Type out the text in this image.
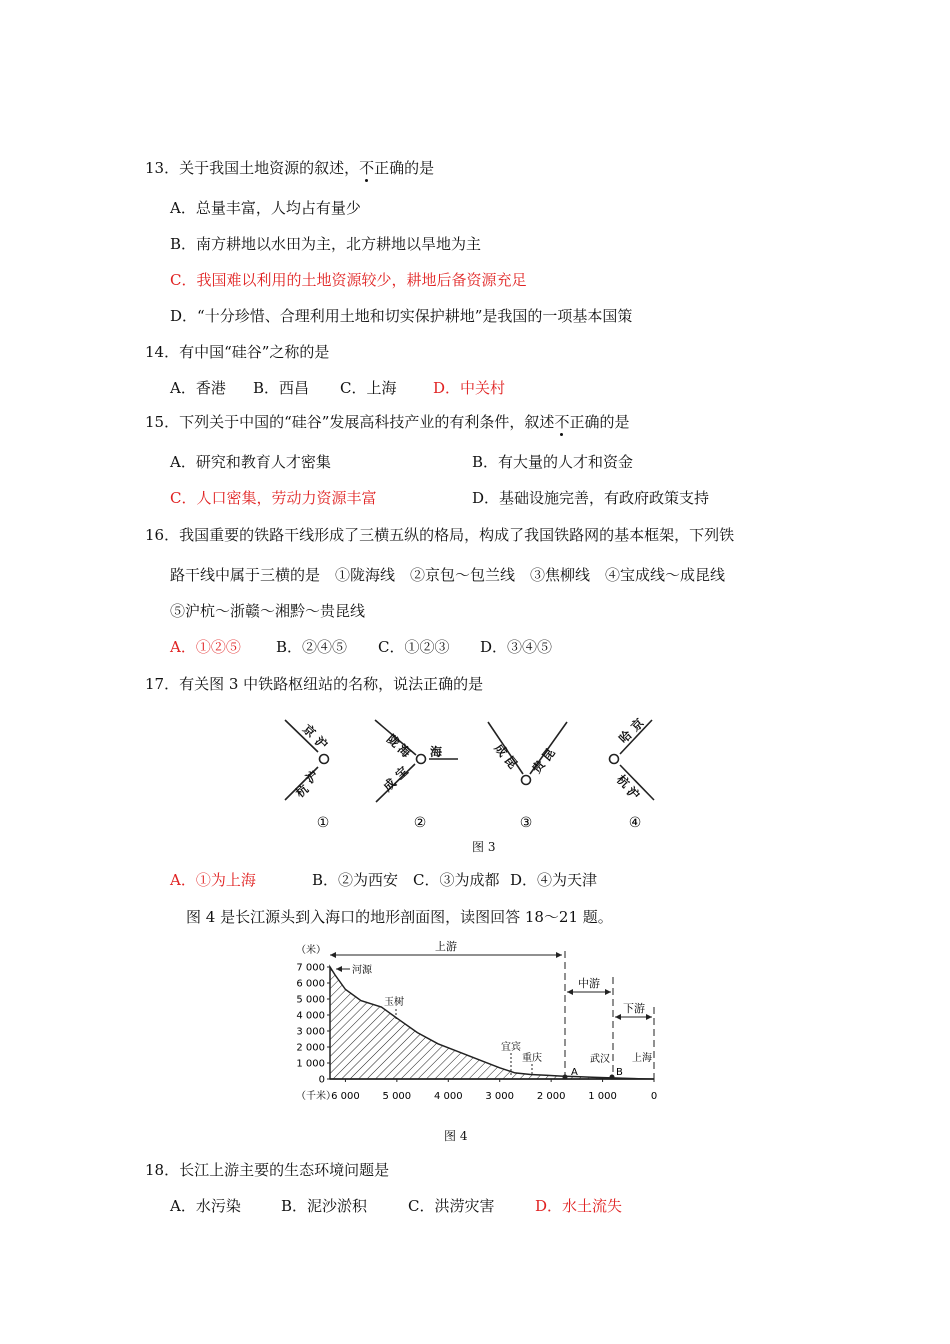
13．关于我国土地资源的叙述，不正确的是
A．总量丰富，人均占有量少
B．南方耕地以水田为主，北方耕地以旱地为主
C．我国难以利用的土地资源较少，耕地后备资源充足
D．“十分珍惜、合理利用土地和切实保护耕地”是我国的一项基本国策
14．有中国“硅谷”之称的是
A．香港 B．西昌 C．上海 D．中关村
15．下列关于中国的“硅谷”发展高科技产业的有利条件，叙述不正确的是
A．研究和教育人才密集	B．有大量的人才和资金
C．人口密集，劳动力资源丰富	D．基础设施完善，有政府政策支持
16．我国重要的铁路干线形成了三横五纵的格局，构成了我国铁路网的基本框架，下列铁
路干线中属于三横的是　①陇海线　②京包～包兰线　③焦柳线　④宝成线～成昆线
⑤沪杭～浙赣～湘黔～贵昆线
A．①②⑤ B．②④⑤ C．①②③ D．③④⑤
17．有关图 3 中铁路枢纽站的名称，说法正确的是
京
沪
沪
杭
①
陇
海 海
宝
成
②
成
昆 贵
昆
③
京
哈
杭
沪
④
图 3
A．①为上海	B．②为西安 C．③为成都 D．④为天津
图 4 是长江源头到入海口的地形剖面图，读图回答 18～21 题。
（米）
（千米）
7 000
6 000
5 000
4 000
3 000
2 000
1 000
0
6 000 5 000 4 000 3 000 2 000 1 000	0
上游
中游
下游
河源
玉树
宜宾
重庆
A
武汉
B
上海
图 4
18．长江上游主要的生态环境问题是
A．水污染	B．泥沙淤积	C．洪涝灾害	D．水土流失
